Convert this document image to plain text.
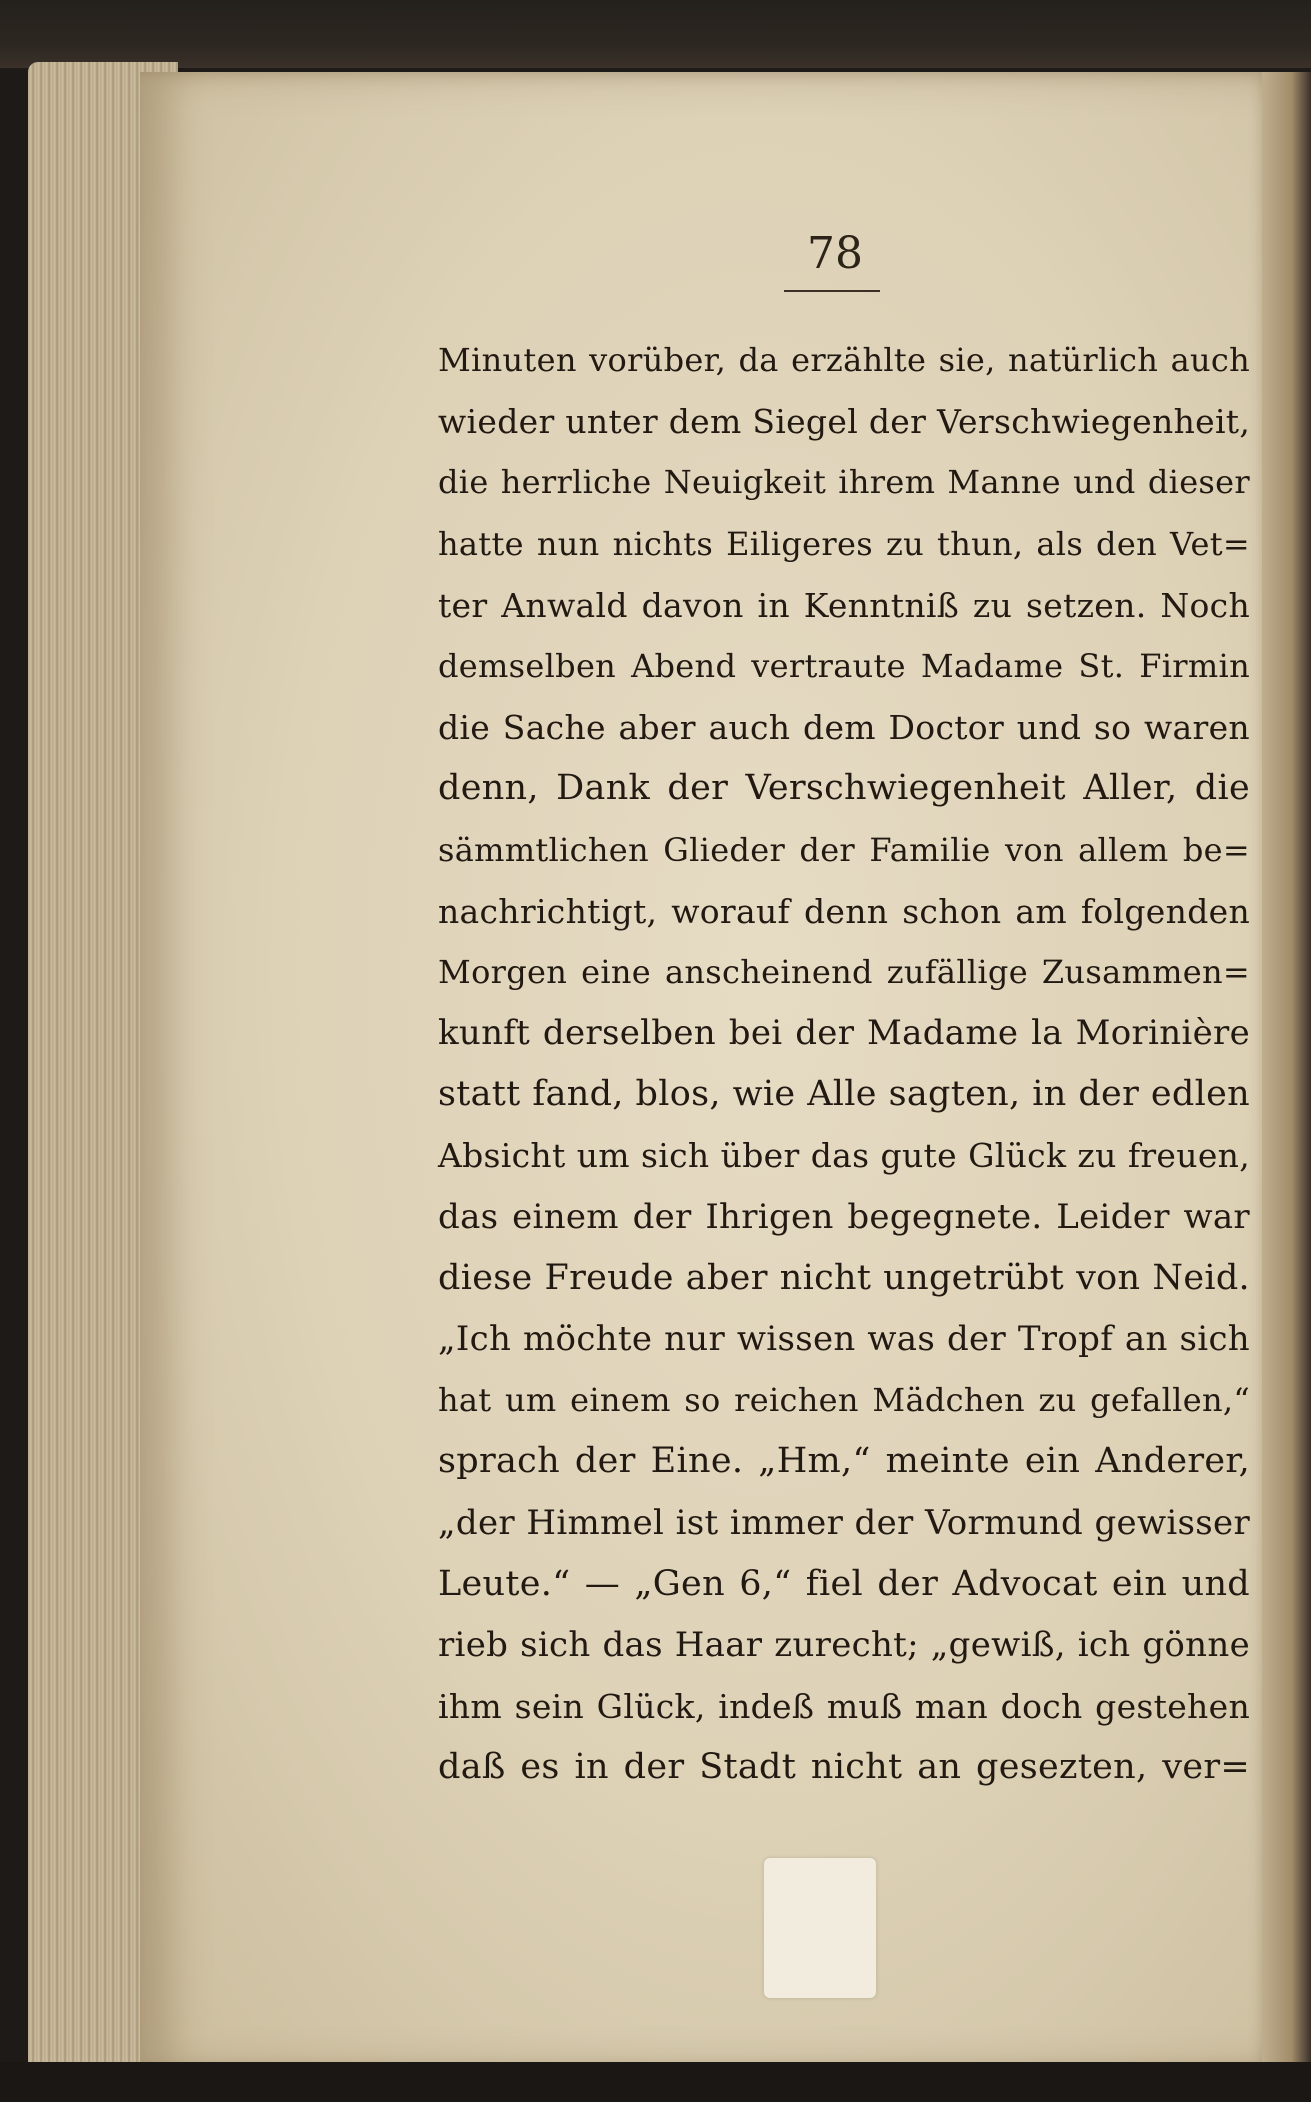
78
Minuten vorüber, da erzählte sie, natürlich auch
wieder unter dem Siegel der Verschwiegenheit,
die herrliche Neuigkeit ihrem Manne und dieser
hatte nun nichts Eiligeres zu thun, als den Vet=
ter Anwald davon in Kenntniß zu setzen. Noch
demselben Abend vertraute Madame St. Firmin
die Sache aber auch dem Doctor und so waren
denn, Dank der Verschwiegenheit Aller, die
sämmtlichen Glieder der Familie von allem be=
nachrichtigt, worauf denn schon am folgenden
Morgen eine anscheinend zufällige Zusammen=
kunft derselben bei der Madame la Morinière
statt fand, blos, wie Alle sagten, in der edlen
Absicht um sich über das gute Glück zu freuen,
das einem der Ihrigen begegnete. Leider war
diese Freude aber nicht ungetrübt von Neid.
„Ich möchte nur wissen was der Tropf an sich
hat um einem so reichen Mädchen zu gefallen,“
sprach der Eine. „Hm,“ meinte ein Anderer,
„der Himmel ist immer der Vormund gewisser
Leute.“ — „Gen 6,“ fiel der Advocat ein und
rieb sich das Haar zurecht; „gewiß, ich gönne
ihm sein Glück, indeß muß man doch gestehen
daß es in der Stadt nicht an gesezten, ver=
